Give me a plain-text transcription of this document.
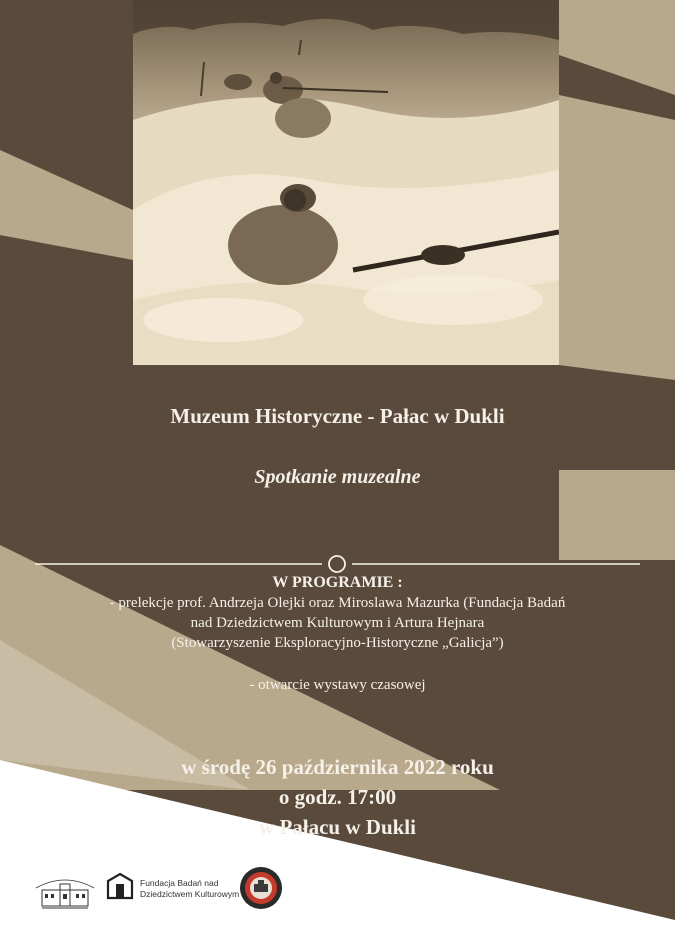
Muzeum Historyczne - Pałac w Dukli
Spotkanie muzealne
W PROGRAMIE :
- prelekcje prof. Andrzeja Olejki oraz Miroslawa Mazurka (Fundacja Badań
nad Dziedzictwem Kulturowym i Artura Hejnara
(Stowarzyszenie Eksploracyjno-Historyczne „Galicja”)
- otwarcie wystawy czasowej
w środę 26 października 2022 roku
o godz. 17:00
w Pałacu w Dukli
Fundacja Badań nad
Dziedzictwem Kulturowym
